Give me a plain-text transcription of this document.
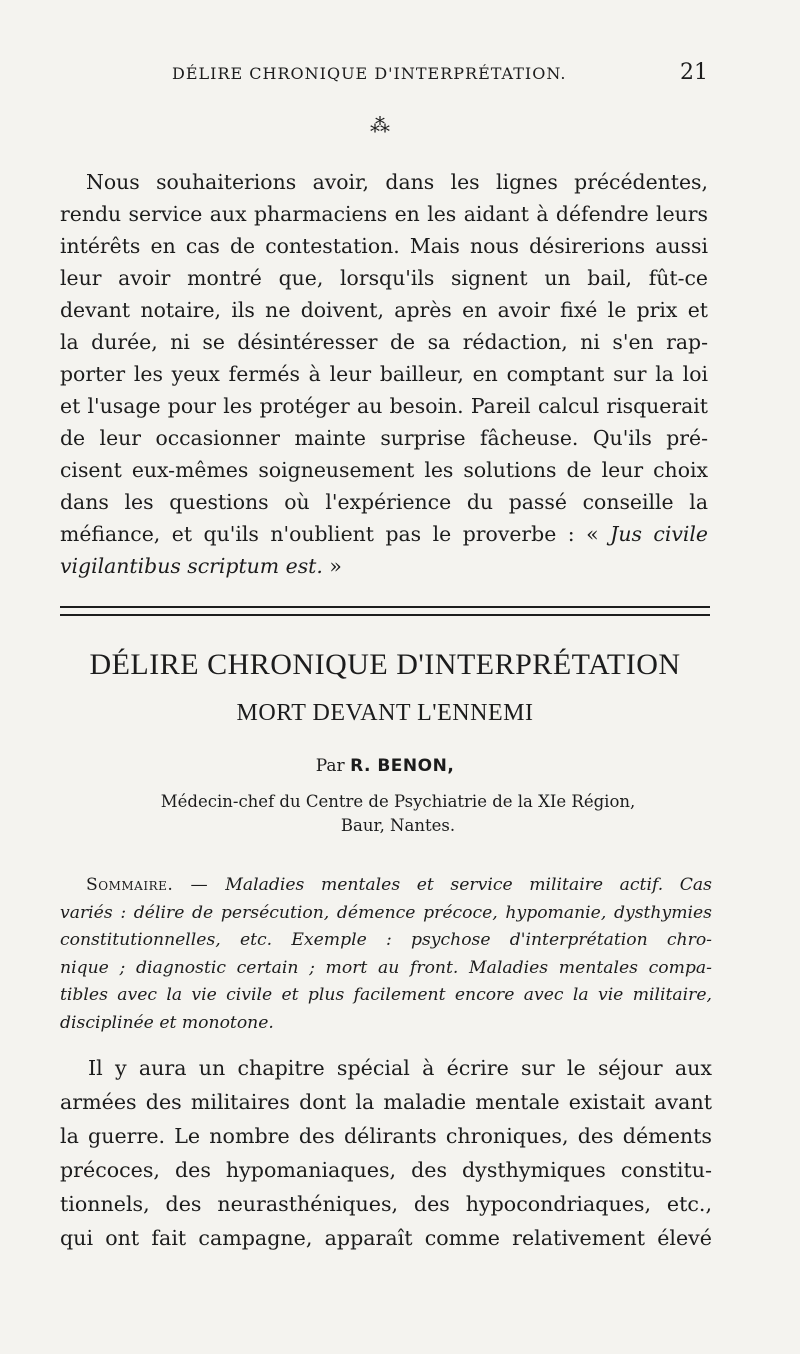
DÉLIRE CHRONIQUE D'INTERPRÉTATION.	21
⁂
Nous souhaiterions avoir, dans les lignes précédentes,
rendu service aux pharmaciens en les aidant à défendre leurs
intérêts en cas de contestation. Mais nous désirerions aussi
leur avoir montré que, lorsqu'ils signent un bail, fût-ce
devant notaire, ils ne doivent, après en avoir fixé le prix et
la durée, ni se désintéresser de sa rédaction, ni s'en rap-
porter les yeux fermés à leur bailleur, en comptant sur la loi
et l'usage pour les protéger au besoin. Pareil calcul risquerait
de leur occasionner mainte surprise fâcheuse. Qu'ils pré-
cisent eux-mêmes soigneusement les solutions de leur choix
dans les questions où l'expérience du passé conseille la
méfiance, et qu'ils n'oublient pas le proverbe : « Jus civile
vigilantibus scriptum est. »
DÉLIRE CHRONIQUE D'INTERPRÉTATION
MORT DEVANT L'ENNEMI
Par R. BENON,
Médecin-chef du Centre de Psychiatrie de la XIe Région,
Baur, Nantes.
Sommaire. — Maladies mentales et service militaire actif. Cas
variés : délire de persécution, démence précoce, hypomanie, dysthymies
constitutionnelles, etc. Exemple : psychose d'interprétation chro-
nique ; diagnostic certain ; mort au front. Maladies mentales compa-
tibles avec la vie civile et plus facilement encore avec la vie militaire,
disciplinée et monotone.
Il y aura un chapitre spécial à écrire sur le séjour aux
armées des militaires dont la maladie mentale existait avant
la guerre. Le nombre des délirants chroniques, des déments
précoces, des hypomaniaques, des dysthymiques constitu-
tionnels, des neurasthéniques, des hypocondriaques, etc.,
qui ont fait campagne, apparaît comme relativement élevé
